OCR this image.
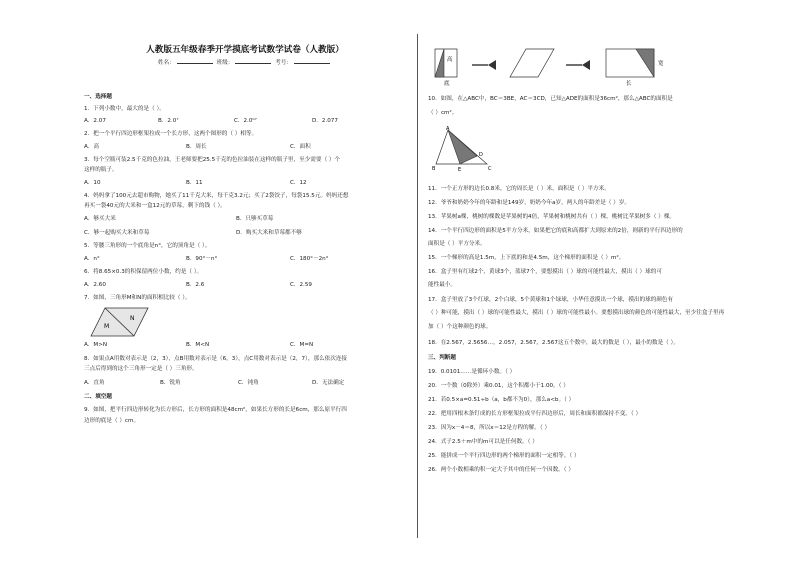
人教版五年级春季开学摸底考试数学试卷（人教版）
姓名：	班级：	考号：
一、选择题
1．下列小数中，最大的是（ ）。
A．2.07	B．2.0⁷	C．2.0⁰⁷	D．2.077
2．把一个平行四边形框架拉成一个长方形，这两个图形的（ ）相等。
A．高	B．周长	C．面积
3．每个空瓶可装2.5千克的色拉油，王老师要把25.5千克的色拉油装在这样的瓶子里，至少需要（ ）个
这样的瓶子。
A．10	B．11	C．12
4．妈妈拿了100元去超市购物，她买了11千克大米，每千克3.2元；买了2袋饺子，每袋15.5元。妈妈还想
再买一袋40元的大米和一盒12元的草莓，剩下的钱（ ）。
A．够买大米	B．只够买草莓
C．够一起购买大米和草莓	D．购买大米和草莓都不够
5．等腰三角形的一个底角是n°，它的顶角是（ ）。
A．n°	B．90°－n°	C．180°－2n°
6．将8.65×0.3的积保留两位小数，约是（ ）。
A．2.60	B．2.6	C．2.59
7．如图，三角形M和N的面积相比较（ ）。
M
N
A．M>N	B．M<N	C．M=N
8．如果点A用数对表示是（2，3），点B用数对表示是（6，3），点C用数对表示是（2，7），那么依次连接
三点后得到的这个三角形一定是（ ）三角形。
A．直角	B．锐角	C．钝角	D．无法确定
二、填空题
9．如图，把平行四边形转化为长方形后，长方形的面积是48cm²，如果长方形的长是6cm，那么原平行四
边形的底是（ ）cm。
高
底
宽
长
10．如图，在△ABC中，BC＝3BE，AC＝3CD，已知△ADE的面积是36cm²，那么△ABC的面积是
（ ）cm²。
A
B	C
D
E
11．一个正方形的边长0.8米，它的周长是（ ）米，面积是（ ）平方米。
12．爷爷和奶奶今年的年龄和是149岁，奶奶今年a岁，两人的年龄差是（ ）岁。
13．苹果树a棵，桃树的棵数是苹果树的4倍，苹果树和桃树共有（ ）棵，桃树比苹果树多（ ）棵。
14．一个平行四边形的面积是5平方分米，如果把它的底和高都扩大到原来的2倍，则新的平行四边形的
面积是（ ）平方分米。
15．一个梯形的高是1.5m，上下底的和是4.5m，这个梯形的面积是（ ）m²。
16．盒子里有红球2个，黄球3个，蓝球7个，要想摸出（ ）球的可能性最大，摸出（ ）球的可
能性最小。
17．盒子里放了3个红球，2个白球，5个黄球和1个绿球，小华任意摸出一个球，摸出的球的颜色有
（ ）种可能，摸出（ ）球的可能性最大，摸出（ ）球的可能性最小。要想摸出球的颜色的可能性最大，至少往盒子里再
加（ ）个这种颜色的球。
18．在2.567，2.5656…，2.057，2.56̇7̇，2.5̇6̇7̇这五个数中，最大的数是（ ），最小的数是（ ）。
三、判断题
19．0.0101……是循环小数。（ ）
20．一个数（0除外）乘0.01，这个积都小于1.00。（ ）
21．若0.5×a=0.51÷b（a，b都不为0），那么a<b。（ ）
22．把用四根木条钉成的长方形框架拉成平行四边形后，周长和面积都保持不变。（ ）
23．因为x－4＝8，所以x＝12是方程的解。（ ）
24．式子2.5＋m中的m可以是任何数。（ ）
25．能拼成一个平行四边形的两个梯形的面积一定相等。（ ）
26．两个小数相乘的积一定大于其中的任何一个因数。（ ）
